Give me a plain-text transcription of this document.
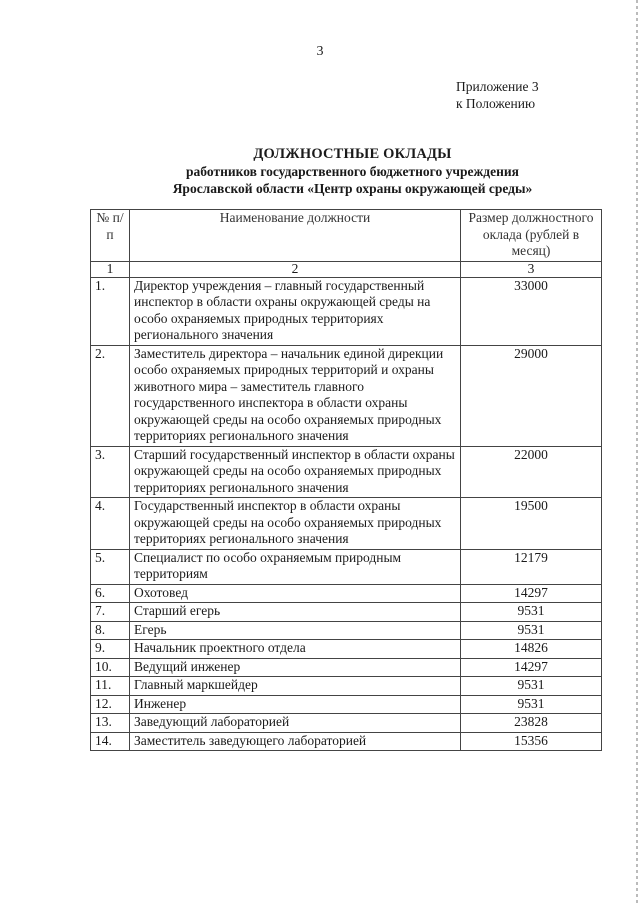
3
Приложение 3
к Положению
ДОЛЖНОСТНЫЕ ОКЛАДЫ
работников государственного бюджетного учреждения
Ярославской области «Центр охраны окружающей среды»
№ п/п	Наименование должности	Размер должностного оклада (рублей в месяц)
1	2	3
1.	Директор учреждения – главный государственный инспектор в области охраны окружающей среды на особо охраняемых природных территориях регионального значения	33000
2.	Заместитель директора – начальник единой дирекции особо охраняемых природных территорий и охраны животного мира – заместитель главного государственного инспектора в области охраны окружающей среды на особо охраняемых природных территориях регионального значения	29000
3.	Старший государственный инспектор в области охраны окружающей среды на особо охраняемых природных территориях регионального значения	22000
4.	Государственный инспектор в области охраны окружающей среды на особо охраняемых природных территориях регионального значения	19500
5.	Специалист по особо охраняемым природным территориям	12179
6.	Охотовед	14297
7.	Старший егерь	9531
8.	Егерь	9531
9.	Начальник проектного отдела	14826
10.	Ведущий инженер	14297
11.	Главный маркшейдер	9531
12.	Инженер	9531
13.	Заведующий лабораторией	23828
14.	Заместитель заведующего лабораторией	15356
